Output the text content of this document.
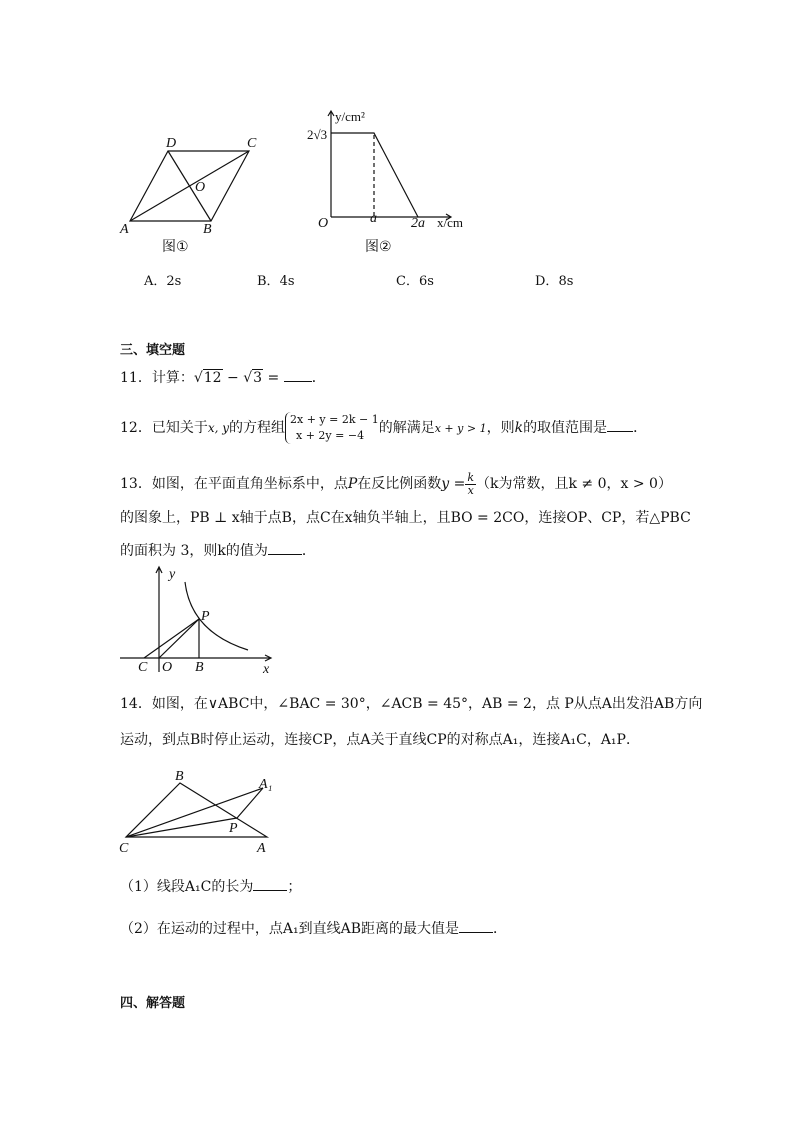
D	C
O
A	B
图①
y/cm²
2√3
O	a 2a x/cm
图②
A．2s	B．4s	C．6s	D．8s
三、填空题
11．计算：√12 − √3 = ．
12．已知关于x, y的方程组
2x + y = 2k − 1
x + 2y = −4	的解满足x + y > 1，则k的取值范围是 ．
13．如图，在平面直角坐标系中，点P在反比例函数$y = \frac{k}{x} (k$为常数，且k ≠ 0，x > 0）
的图象上，PB ⊥ x轴于点B，点C在x轴负半轴上，且BO = 2CO，连接OP、CP，若△PBC
的面积为 3，则k的值为 ．
y
P
C O B	x
14．如图，在∨ABC中，∠BAC = 30°，∠ACB = 45°，AB = 2，点 P从点A出发沿AB方向
运动，到点B时停止运动，连接CP，点A关于直线CP的对称点A₁，连接A₁C，A₁P．
B
A₁
P
C	A
（1）线段A₁C的长为 ；
（2）在运动的过程中，点A₁到直线AB距离的最大值是 ．
四、解答题
